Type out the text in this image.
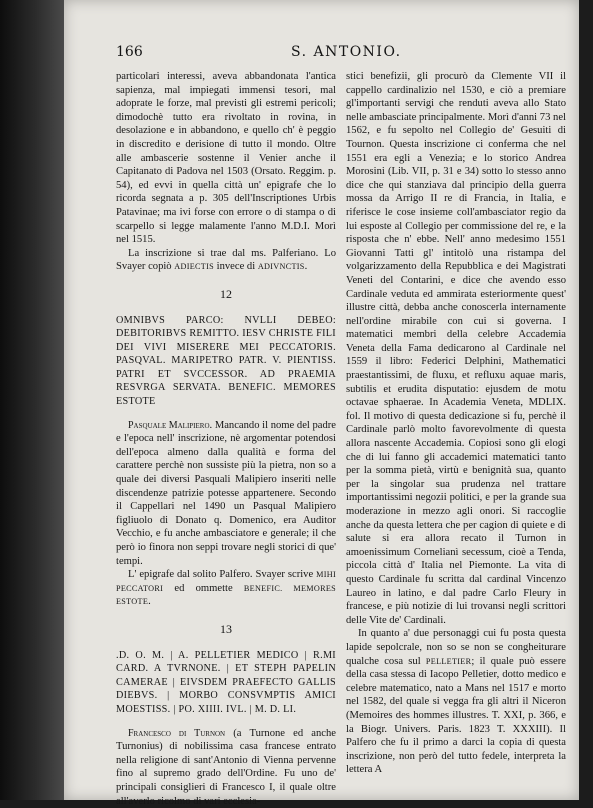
166	S. ANTONIO.

particolari interessi, aveva abbandonata l'antica sapienza, mal impiegati immensi tesori, mal adoprate le forze, mal previsti gli estremi pericoli; dimodochè tutto era rivoltato in rovina, in desolazione e in abbandono, e quello ch' è peggio in discredito e derisione di tutto il mondo. Oltre alle ambascerie sostenne il Venier anche il Capitanato di Padova nel 1503 (Orsato. Reggim. p. 54), ed evvi in quella città un' epigrafe che lo ricorda segnata a p. 305 dell'Inscriptiones Urbis Patavinae; ma ivi forse con errore o di stampa o di scarpello si legge malamente l'anno M.D.I. Morì nel 1515.

La inscrizione si trae dal ms. Palferiano. Lo Svayer copiò ADIECTIS invece di ADIVNCTIS.

12

OMNIBVS PARCO: NVLLI DEBEO: DEBITORIBVS REMITTO. IESV CHRISTE FILI DEI VIVI MISERERE MEI PECCATORIS. PASQVAL. MARIPETRO PATR. V. PIENTISS. PATRI ET SVCCESSOR. AD PRAEMIA RESVRGA SERVATA. BENEFIC. MEMORES ESTOTE

Pasquale Malipiero. Mancando il nome del padre e l'epoca nell' inscrizione, nè argomentar potendosi dell'epoca almeno dalla qualità e forma del carattere perchè non sussiste più la pietra, non so a quale dei diversi Pasquali Malipiero inseriti nelle discendenze patrizie potesse appartenere. Secondo il Cappellari nel 1490 un Pasqual Malipiero figliuolo di Donato q. Domenico, era Auditor Vecchio, e fu anche ambasciatore e generale; il che però io finora non seppi trovare negli storici di que' tempi.

L' epigrafe dal solito Palfero. Svayer scrive MIHI PECCATORI ed ommette BENEFIC. MEMORES ESTOTE.

13

.D. O. M. | A. PELLETIER MEDICO | R.MI CARD. A TVRNONE. | ET STEPH PAPELIN CAMERAE | EIVSDEM PRAEFECTO GALLIS DIEBVS. | MORBO CONSVMPTIS AMICI MOESTISS. | PO. XIIII. IVL. | M. D. LI.

Francesco di Turnon (a Turnone ed anche Turnonius) di nobilissima casa francese entrato nella religione di sant'Antonio di Vienna pervenne fino al supremo grado dell'Ordine. Fu uno de' principali consiglieri di Francesco I, il quale oltre all'averlo ricolmo di vari ecclesia-

stici benefizii, gli procurò da Clemente VII il cappello cardinalizio nel 1530, e ciò a premiare gl'importanti servigi che renduti aveva allo Stato nelle ambasciate principalmente. Morì d'anni 73 nel 1562, e fu sepolto nel Collegio de' Gesuiti di Tournon. Questa inscrizione ci conferma che nel 1551 era egli a Venezia; e lo storico Andrea Morosini (Lib. VII, p. 31 e 34) sotto lo stesso anno dice che qui stanziava dal principio della guerra mossa da Arrigo II re di Francia, in Italia, e riferisce le cose insieme coll'ambasciator regio da lui esposte al Collegio per commissione del re, e la risposta che n' ebbe. Nell' anno medesimo 1551 Giovanni Tatti gl' intitolò una ristampa del volgarizzamento della Repubblica e dei Magistrati Veneti del Contarini, e dice che avendo esso Cardinale veduta ed ammirata esteriormente quest' illustre città, debba anche conoscerla internamente nell'ordine mirabile con cui si governa. I matematici membri della celebre Accademia Veneta della Fama dedicarono al Cardinale nel 1559 il libro: Federici Delphini, Mathematici praestantissimi, de fluxu, et refluxu aquae maris, subtilis et erudita disputatio: ejusdem de motu octavae sphaerae. In Academia Veneta, MDLIX. fol. Il motivo di questa dedicazione si fu, perchè il Cardinale parlò molto favorevolmente di questa allora nascente Accademia. Copiosi sono gli elogi che di lui fanno gli accademici matematici tanto per la somma pietà, virtù e benignità sua, quanto per la singolar sua prudenza nel trattare importantissimi negozii politici, e per la grande sua moderazione in mezzo agli onori. Si raccoglie anche da questa lettera che per cagion di quiete e di salute si era allora recato il Turnon in amoenissimum Cornelianì secessum, cioè a Tenda, piccola città d' Italia nel Piemonte. La vita di questo Cardinale fu scritta dal cardinal Vincenzo Laureo in latino, e dal padre Carlo Fleury in francese, e più notizie di lui trovansi negli scrittori delle Vite de' Cardinali.

In quanto a' due personaggi cui fu posta questa lapide sepolcrale, non so se non se congheiturare qualche cosa sul PELLETIER; il quale può essere della casa stessa di Iacopo Pelletier, dotto medico e celebre matematico, nato a Mans nel 1517 e morto nel 1582, del quale si vegga fra gli altri il Niceron (Memoires des hommes illustres. T. XXI, p. 366, e la Biogr. Univers. Paris. 1823 T. XXXIII). Il Palfero che fu il primo a darci la copia di questa inscrizione, non però del tutto fedele, interpreta la lettera A
